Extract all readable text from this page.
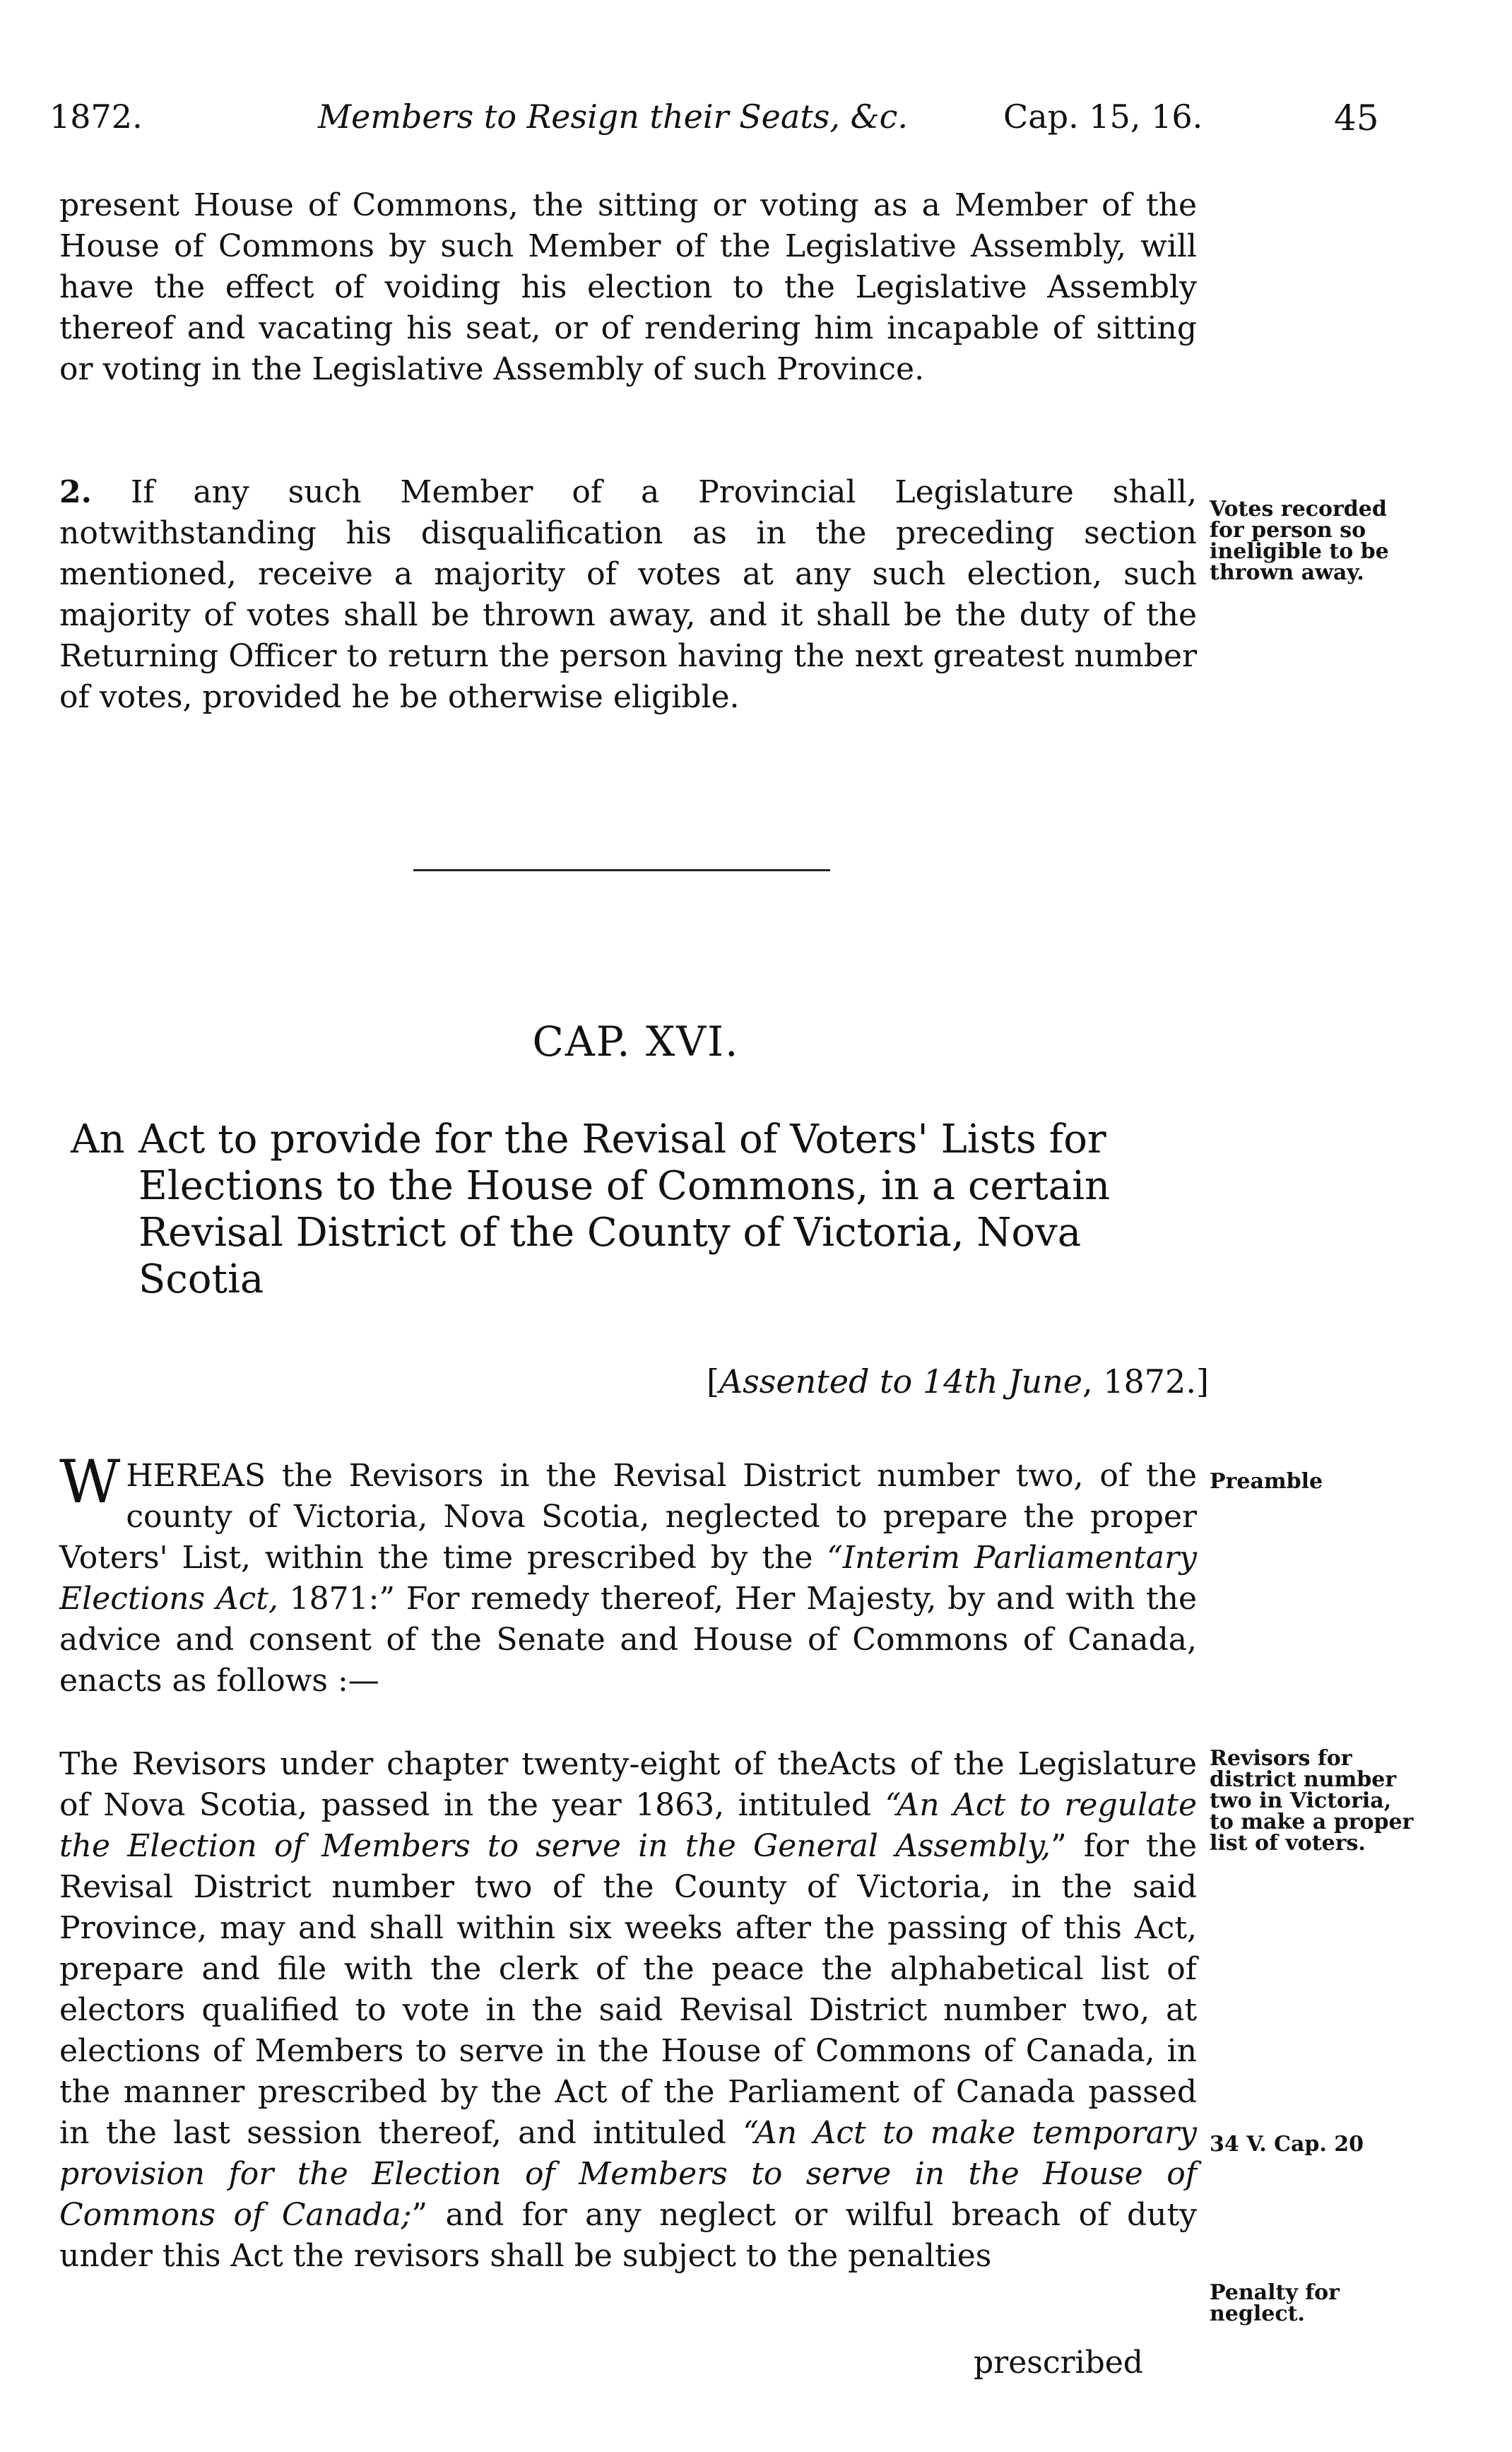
1872.	Members to Resign their Seats, &c.	Cap. 15, 16.	45
present House of Commons, the sitting or voting as a Member of the House of Commons by such Member of the Legislative Assembly, will have the effect of voiding his election to the Legislative Assembly thereof and vacating his seat, or of rendering him incapable of sitting or voting in the Legislative Assembly of such Province.
2. If any such Member of a Provincial Legislature shall, notwithstanding his disqualification as in the preceding section mentioned, receive a majority of votes at any such election, such majority of votes shall be thrown away, and it shall be the duty of the Returning Officer to return the person having the next greatest number of votes, provided he be otherwise eligible.
Votes recorded for person so ineligible to be thrown away.
CAP. XVI.
An Act to provide for the Revisal of Voters' Lists for Elections to the House of Commons, in a certain Revisal District of the County of Victoria, Nova Scotia
[Assented to 14th June, 1872.]
WHEREAS the Revisors in the Revisal District number two, of the county of Victoria, Nova Scotia, neglected to prepare the proper Voters' List, within the time prescribed by the “Interim Parliamentary Elections Act, 1871:” For remedy thereof, Her Majesty, by and with the advice and consent of the Senate and House of Commons of Canada, enacts as follows :—
Preamble
The Revisors under chapter twenty-eight of theActs of the Legislature of Nova Scotia, passed in the year 1863, intituled “An Act to regulate the Election of Members to serve in the General Assembly,” for the Revisal District number two of the County of Victoria, in the said Province, may and shall within six weeks after the passing of this Act, prepare and file with the clerk of the peace the alphabetical list of electors qualified to vote in the said Revisal District number two, at elections of Members to serve in the House of Commons of Canada, in the manner prescribed by the Act of the Parliament of Canada passed in the last session thereof, and intituled “An Act to make temporary provision for the Election of Members to serve in the House of Commons of Canada;” and for any neglect or wilful breach of duty under this Act the revisors shall be subject to the penalties
prescribed
Revisors for district number two in Victoria, to make a proper list of voters.
34 V. Cap. 20
Penalty for neglect.
